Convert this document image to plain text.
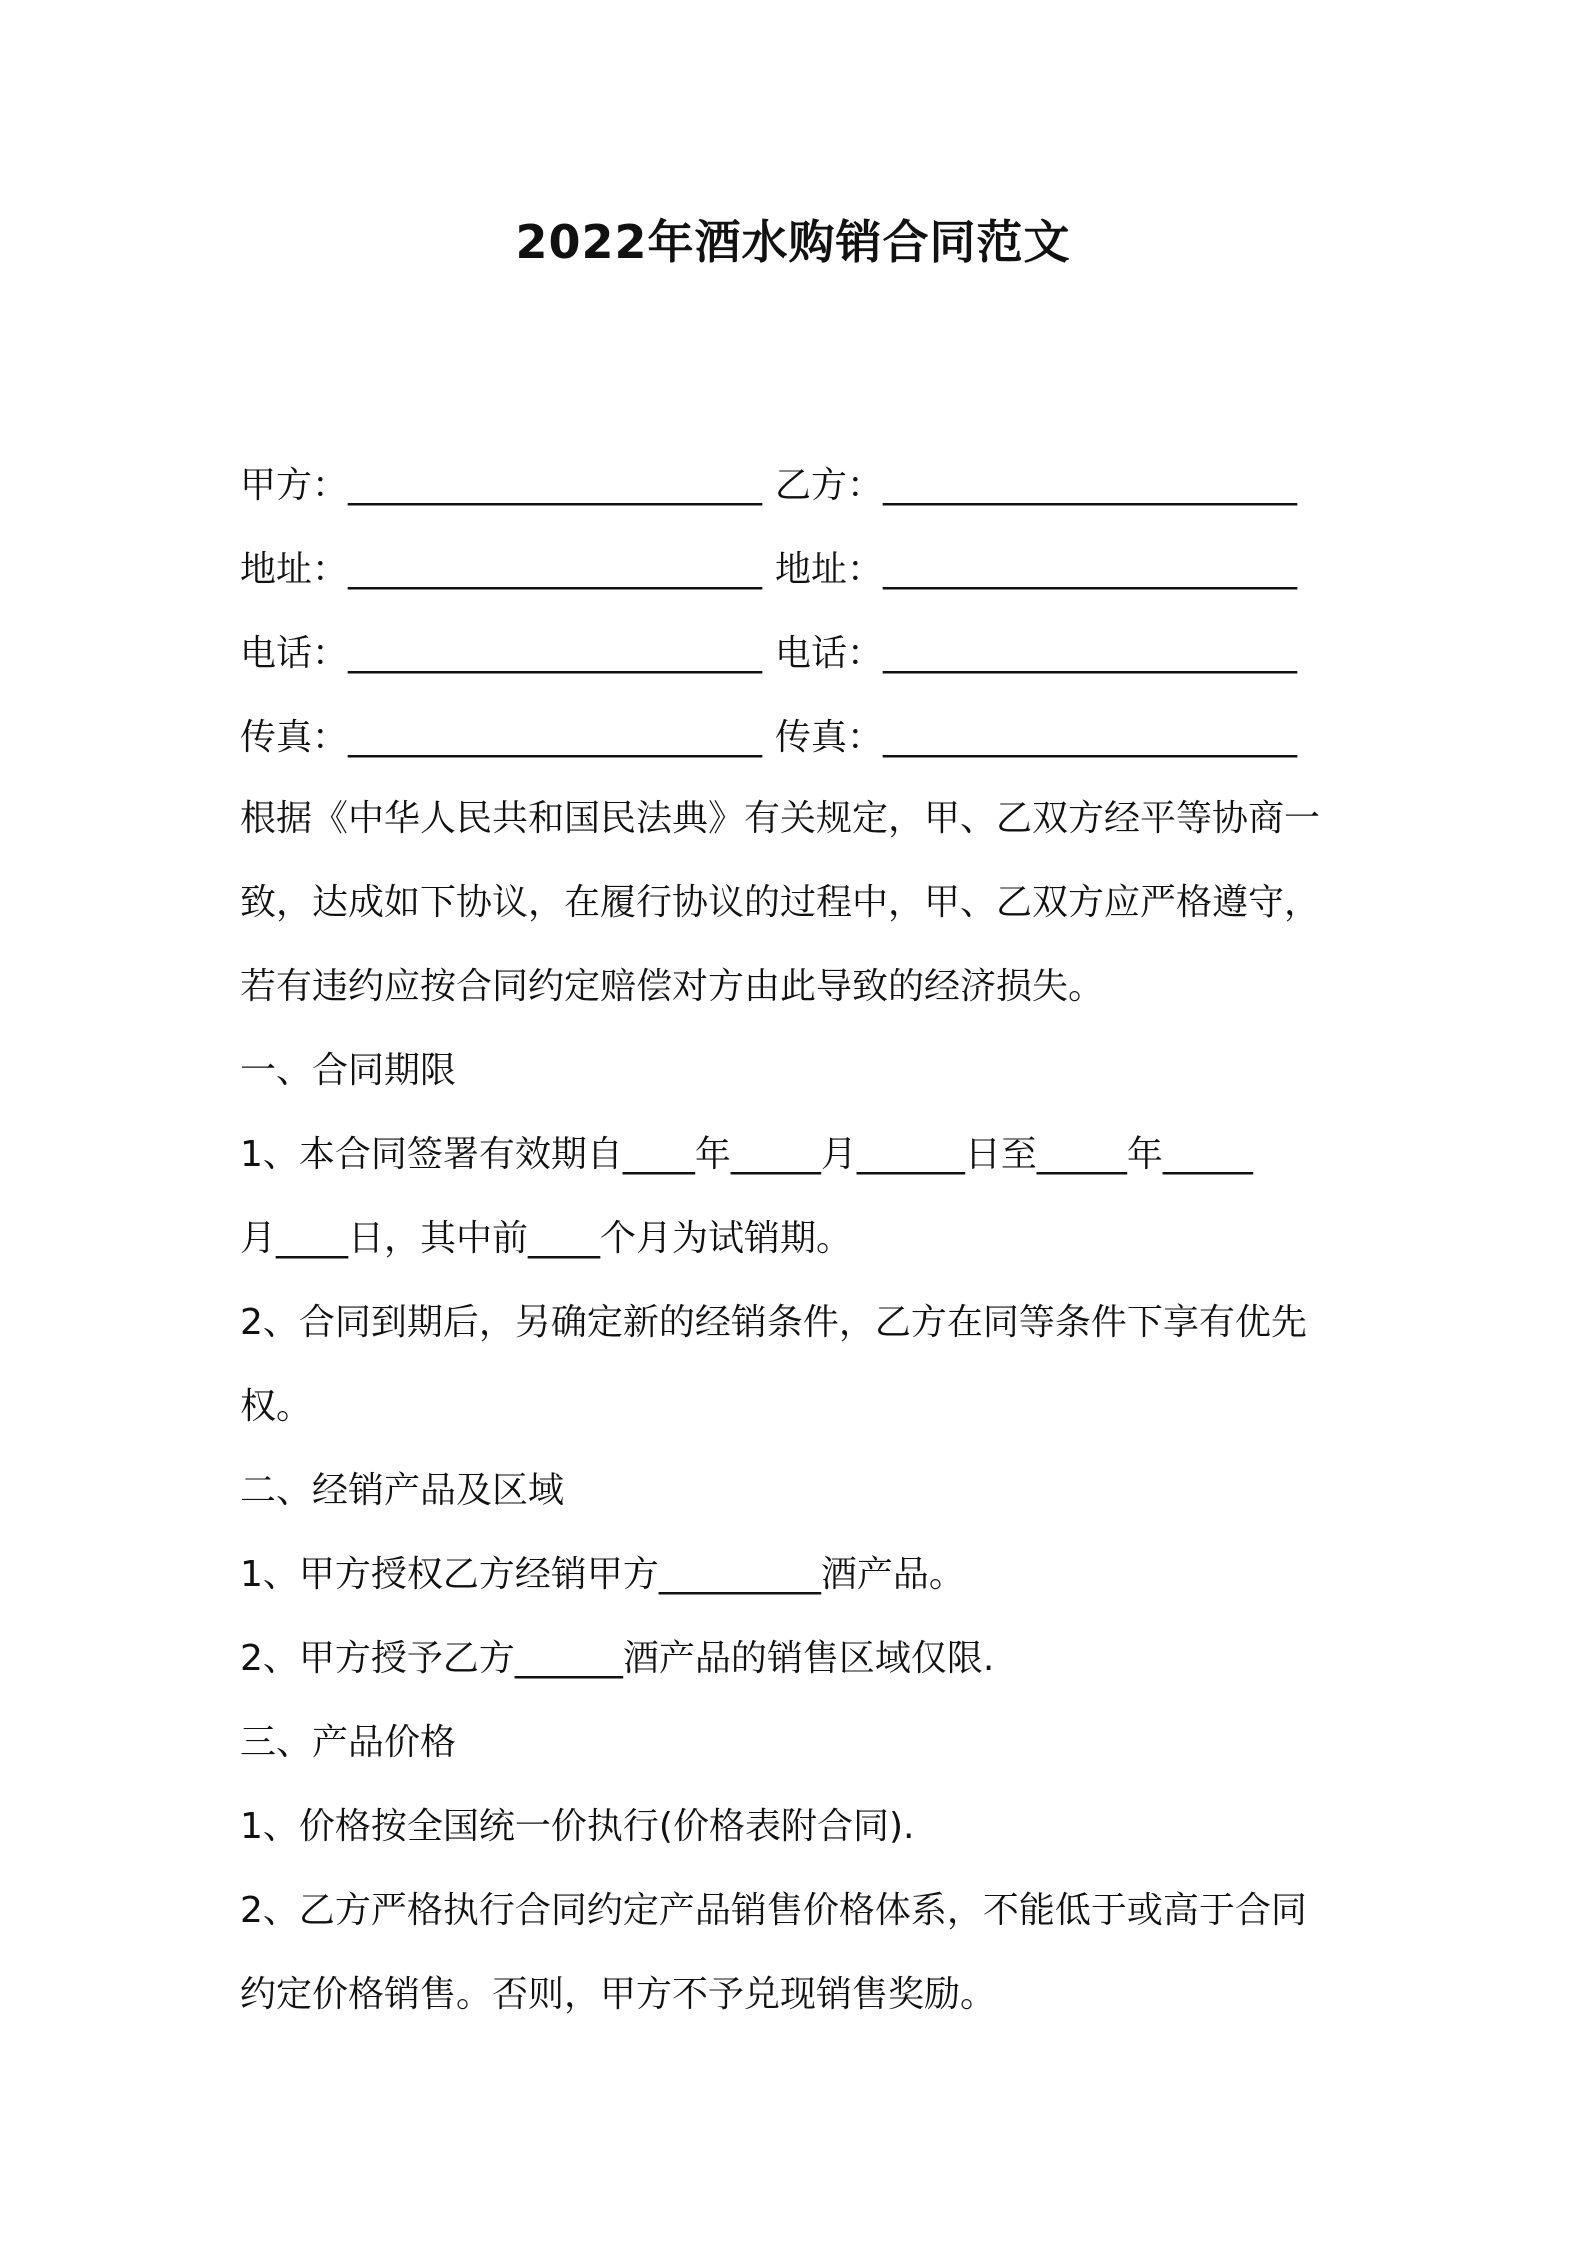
2022年酒水购销合同范文
甲方：_______________________ 乙方：_______________________
地址：_______________________ 地址：_______________________
电话：_______________________ 电话：_______________________
传真：_______________________ 传真：_______________________

根据《中华人民共和国民法典》有关规定，甲、乙双方经平等协商一

致，达成如下协议，在履行协议的过程中，甲、乙双方应严格遵守，

若有违约应按合同约定赔偿对方由此导致的经济损失。

一、合同期限

1、本合同签署有效期自____年_____月______日至_____年_____

月____日，其中前____个月为试销期。

2、合同到期后，另确定新的经销条件，乙方在同等条件下享有优先

权。

二、经销产品及区域

1、甲方授权乙方经销甲方_________酒产品。

2、甲方授予乙方______酒产品的销售区域仅限.

三、产品价格

1、价格按全国统一价执行(价格表附合同).

2、乙方严格执行合同约定产品销售价格体系，不能低于或高于合同

约定价格销售。否则，甲方不予兑现销售奖励。
